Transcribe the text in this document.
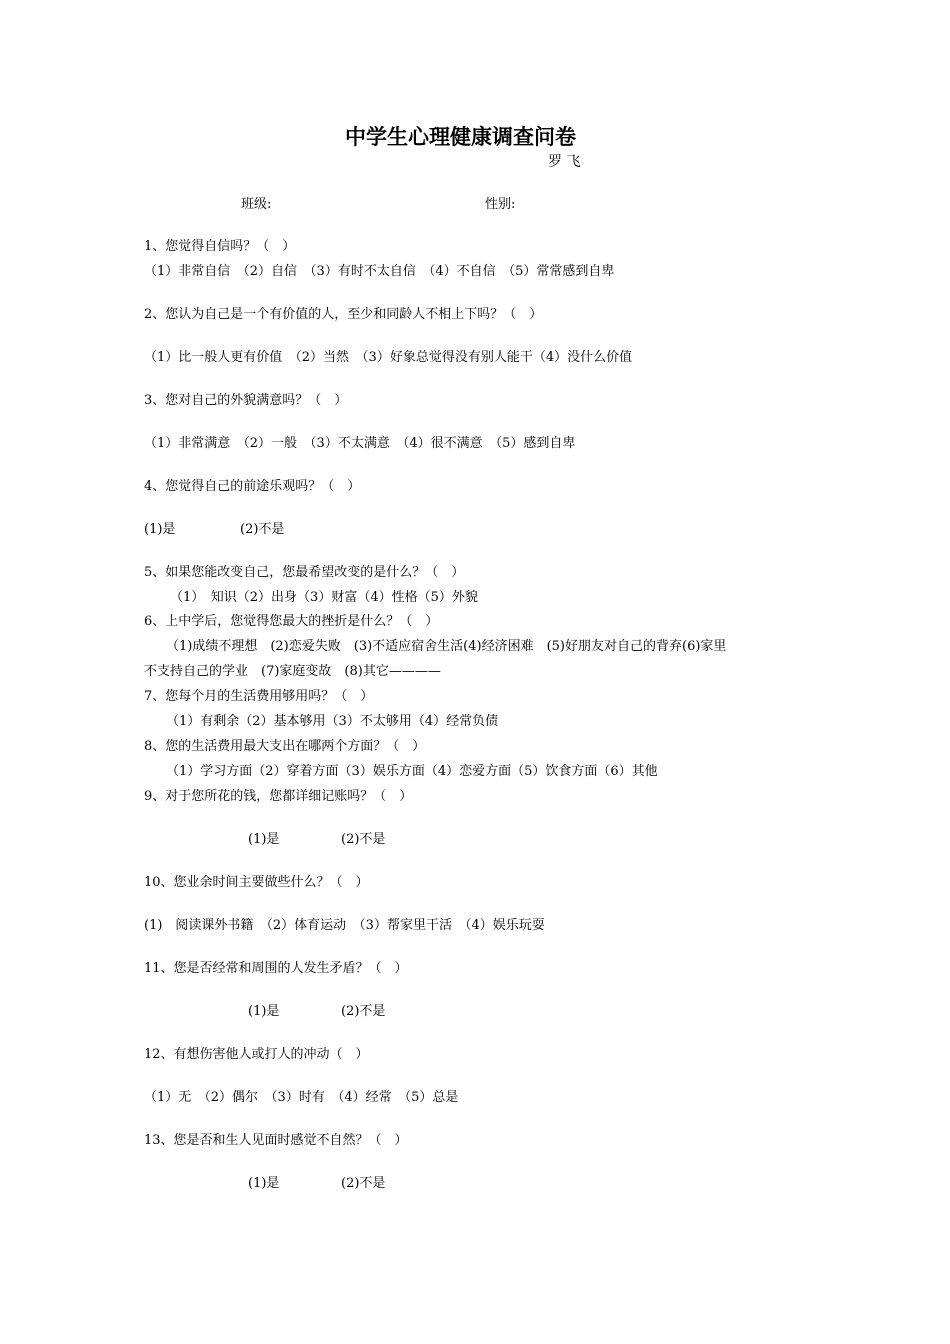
中学生心理健康调查问卷
罗 飞
班级:	性别:
1、您觉得自信吗？（　）
（1）非常自信　（2）自信　（3）有时不太自信　（4）不自信　（5）常常感到自卑
2、您认为自己是一个有价值的人，至少和同龄人不相上下吗？（　）
（1）比一般人更有价值　（2）当然　（3）好象总觉得没有别人能干（4）没什么价值
3、您对自己的外貌满意吗？（　）
（1）非常满意　（2）一般　（3）不太满意　（4）很不满意　（5）感到自卑
4、您觉得自己的前途乐观吗？（　）
(1)是	(2)不是
5、如果您能改变自己，您最希望改变的是什么？（　）
（1）　知识（2）出身（3）财富（4）性格（5）外貌
6、上中学后，您觉得您最大的挫折是什么？（　）
（1)成绩不理想　(2)恋爱失败　(3)不适应宿舍生活(4)经济困难　(5)好朋友对自己的背弃(6)家里
不支持自己的学业　(7)家庭变故　(8)其它————
7、您每个月的生活费用够用吗？（　）
（1）有剩余（2）基本够用（3）不太够用（4）经常负债
8、您的生活费用最大支出在哪两个方面？（　）
（1）学习方面（2）穿着方面（3）娱乐方面（4）恋爱方面（5）饮食方面（6）其他
9、对于您所花的钱，您都详细记账吗？（　）
(1)是	(2)不是
10、您业余时间主要做些什么？（　）
(1)　阅读课外书籍　（2）体育运动　（3）帮家里干活　（4）娱乐玩耍
11、您是否经常和周围的人发生矛盾？（　）
(1)是	(2)不是
12、有想伤害他人或打人的冲动（　）
（1）无　（2）偶尔　（3）时有　（4）经常　（5）总是
13、您是否和生人见面时感觉不自然？（　）
(1)是	(2)不是
